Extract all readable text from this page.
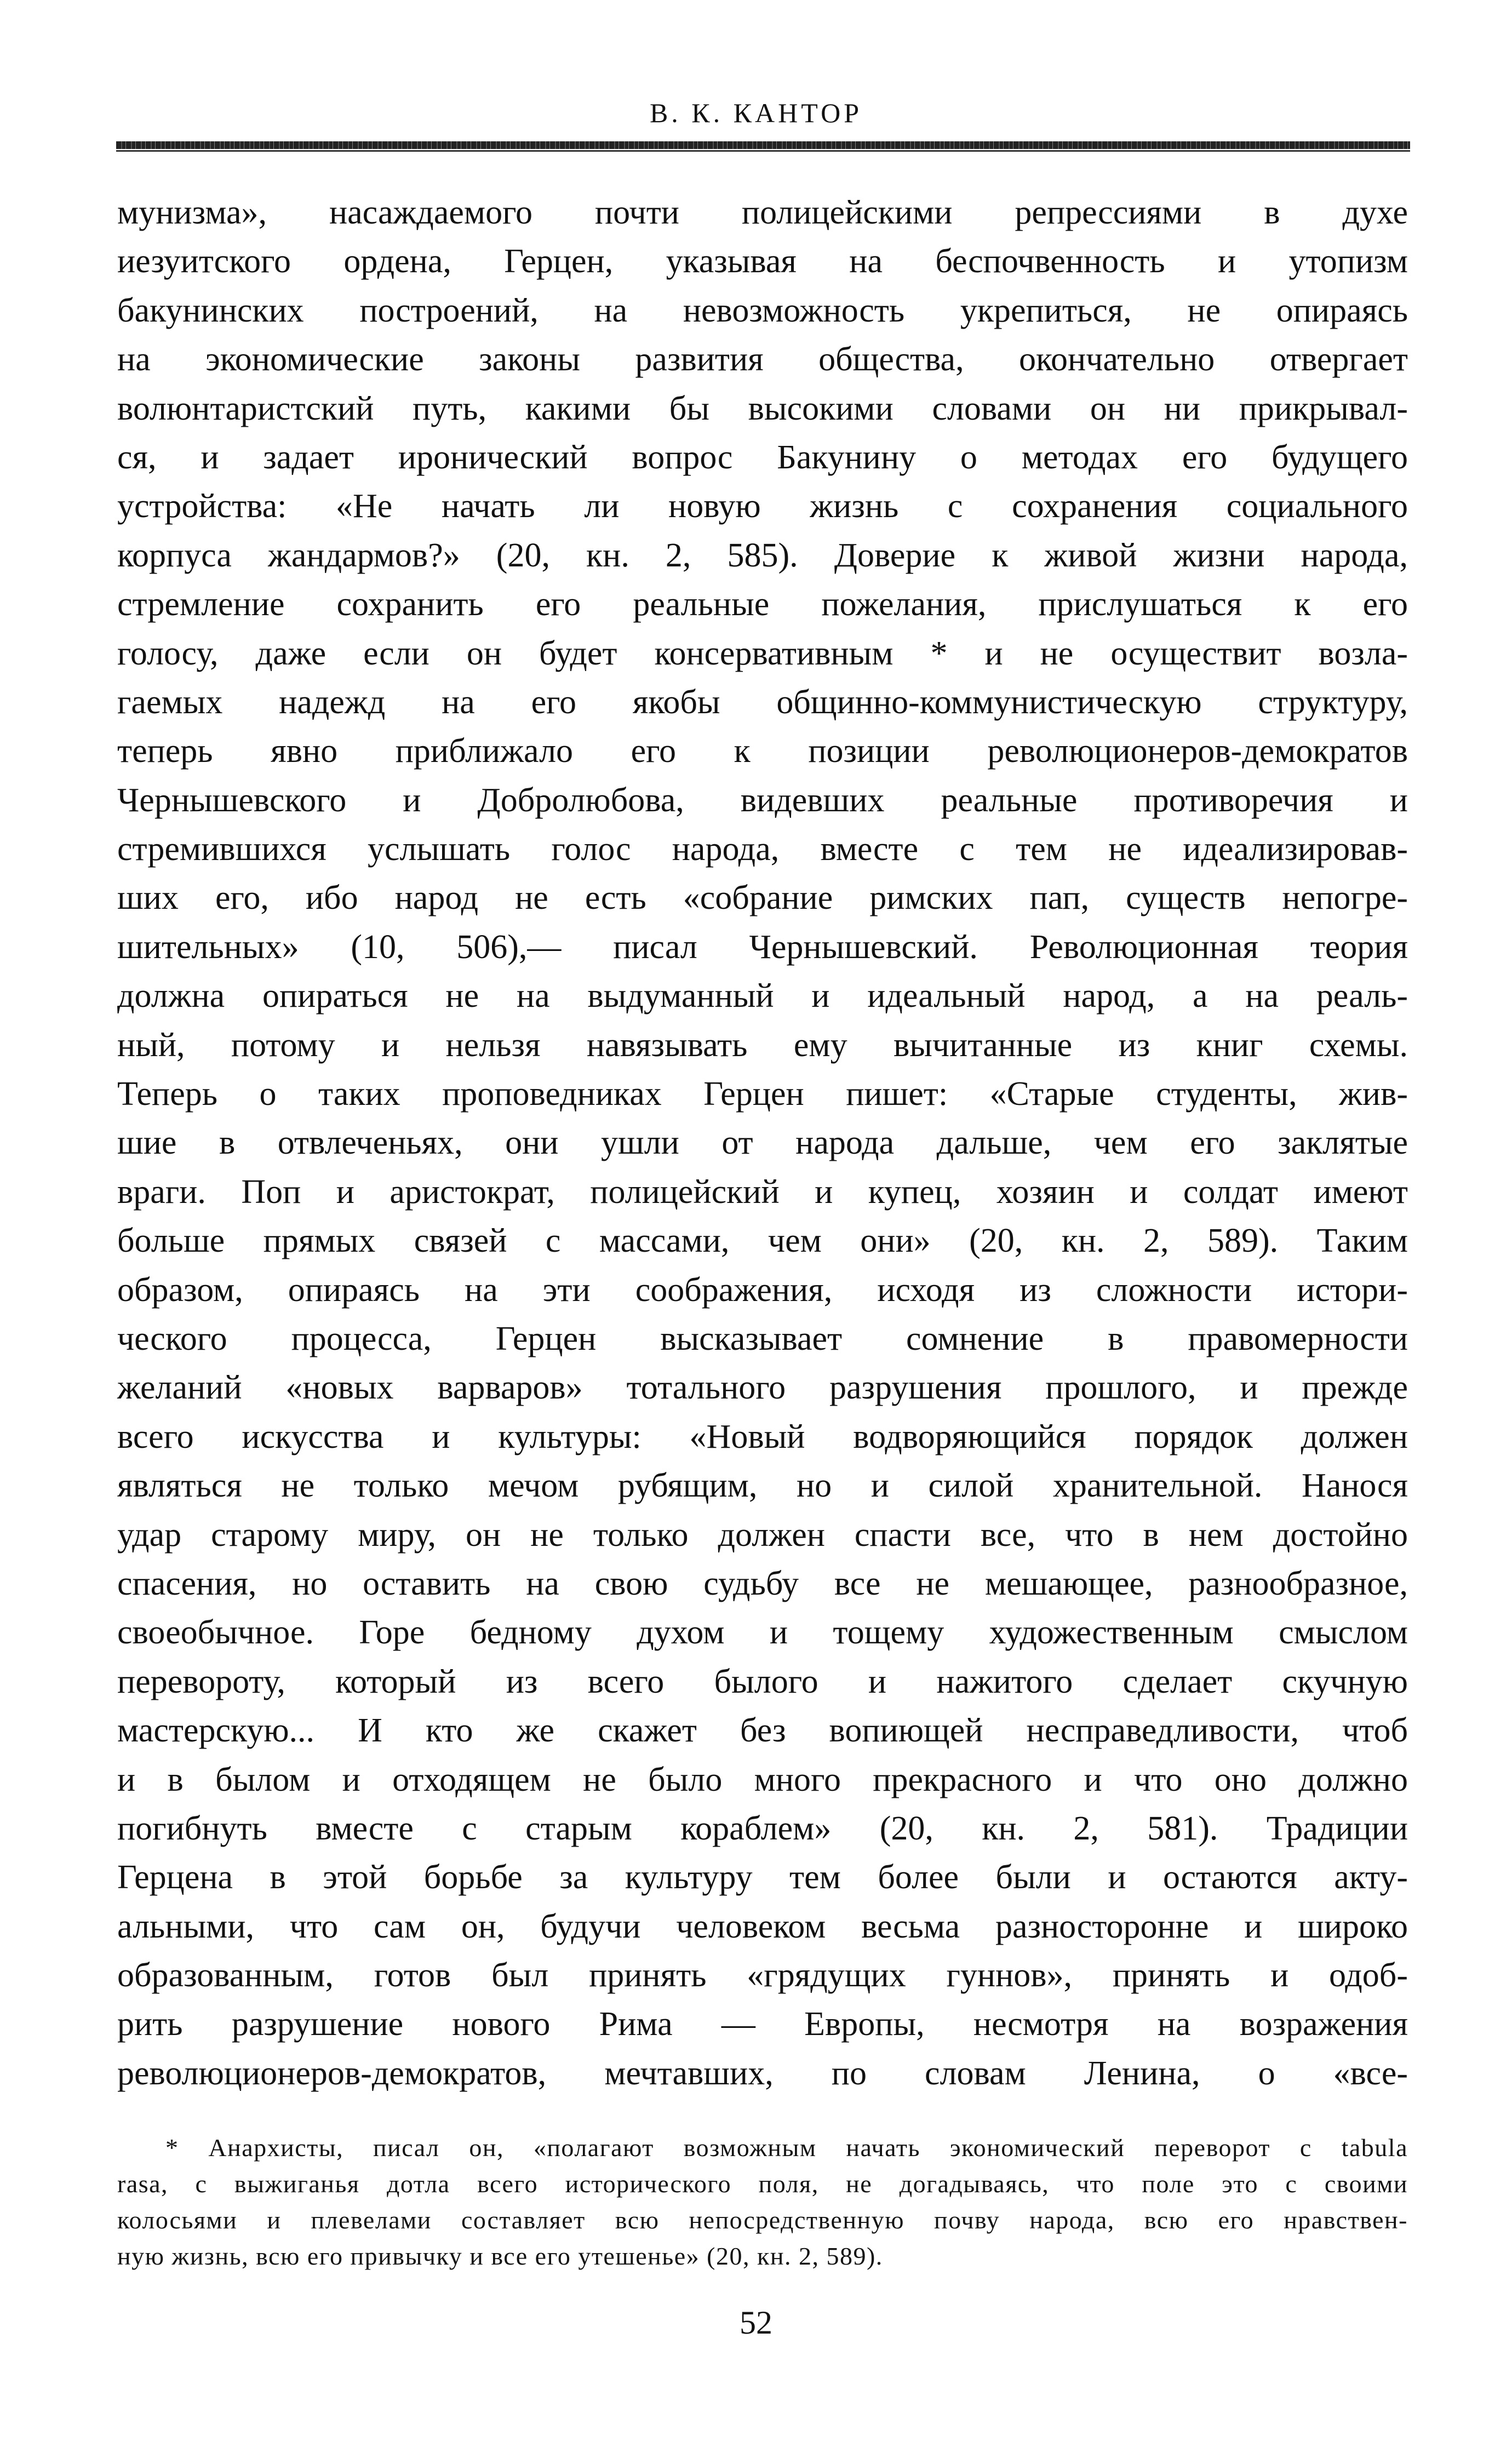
В. К. КАНТОР
мунизма», насаждаемого почти полицейскими репрессиями в духе
иезуитского ордена, Герцен, указывая на беспочвенность и утопизм
бакунинских построений, на невозможность укрепиться, не опираясь
на экономические законы развития общества, окончательно отвергает
волюнтаристский путь, какими бы высокими словами он ни прикрывал-
ся, и задает иронический вопрос Бакунину о методах его будущего
устройства: «Не начать ли новую жизнь с сохранения социального
корпуса жандармов?» (20, кн. 2, 585). Доверие к живой жизни народа,
стремление сохранить его реальные пожелания, прислушаться к его
голосу, даже если он будет консервативным * и не осуществит возла-
гаемых надежд на его якобы общинно-коммунистическую структуру,
теперь явно приближало его к позиции революционеров-демократов
Чернышевского и Добролюбова, видевших реальные противоречия и
стремившихся услышать голос народа, вместе с тем не идеализировав-
ших его, ибо народ не есть «собрание римских пап, существ непогре-
шительных» (10, 506),— писал Чернышевский. Революционная теория
должна опираться не на выдуманный и идеальный народ, а на реаль-
ный, потому и нельзя навязывать ему вычитанные из книг схемы.
Теперь о таких проповедниках Герцен пишет: «Старые студенты, жив-
шие в отвлеченьях, они ушли от народа дальше, чем его заклятые
враги. Поп и аристократ, полицейский и купец, хозяин и солдат имеют
больше прямых связей с массами, чем они» (20, кн. 2, 589). Таким
образом, опираясь на эти соображения, исходя из сложности истори-
ческого процесса, Герцен высказывает сомнение в правомерности
желаний «новых варваров» тотального разрушения прошлого, и прежде
всего искусства и культуры: «Новый водворяющийся порядок должен
являться не только мечом рубящим, но и силой хранительной. Нанося
удар старому миру, он не только должен спасти все, что в нем достойно
спасения, но оставить на свою судьбу все не мешающее, разнообразное,
своеобычное. Горе бедному духом и тощему художественным смыслом
перевороту, который из всего былого и нажитого сделает скучную
мастерскую... И кто же скажет без вопиющей несправедливости, чтоб
и в былом и отходящем не было много прекрасного и что оно должно
погибнуть вместе с старым кораблем» (20, кн. 2, 581). Традиции
Герцена в этой борьбе за культуру тем более были и остаются акту-
альными, что сам он, будучи человеком весьма разносторонне и широко
образованным, готов был принять «грядущих гуннов», принять и одоб-
рить разрушение нового Рима — Европы, несмотря на возражения
революционеров-демократов, мечтавших, по словам Ленина, о «все-
* Анархисты, писал он, «полагают возможным начать экономический переворот с tabula
rasa, с выжиганья дотла всего исторического поля, не догадываясь, что поле это с своими
колосьями и плевелами составляет всю непосредственную почву народа, всю его нравствен-
ную жизнь, всю его привычку и все его утешенье» (20, кн. 2, 589).
52
